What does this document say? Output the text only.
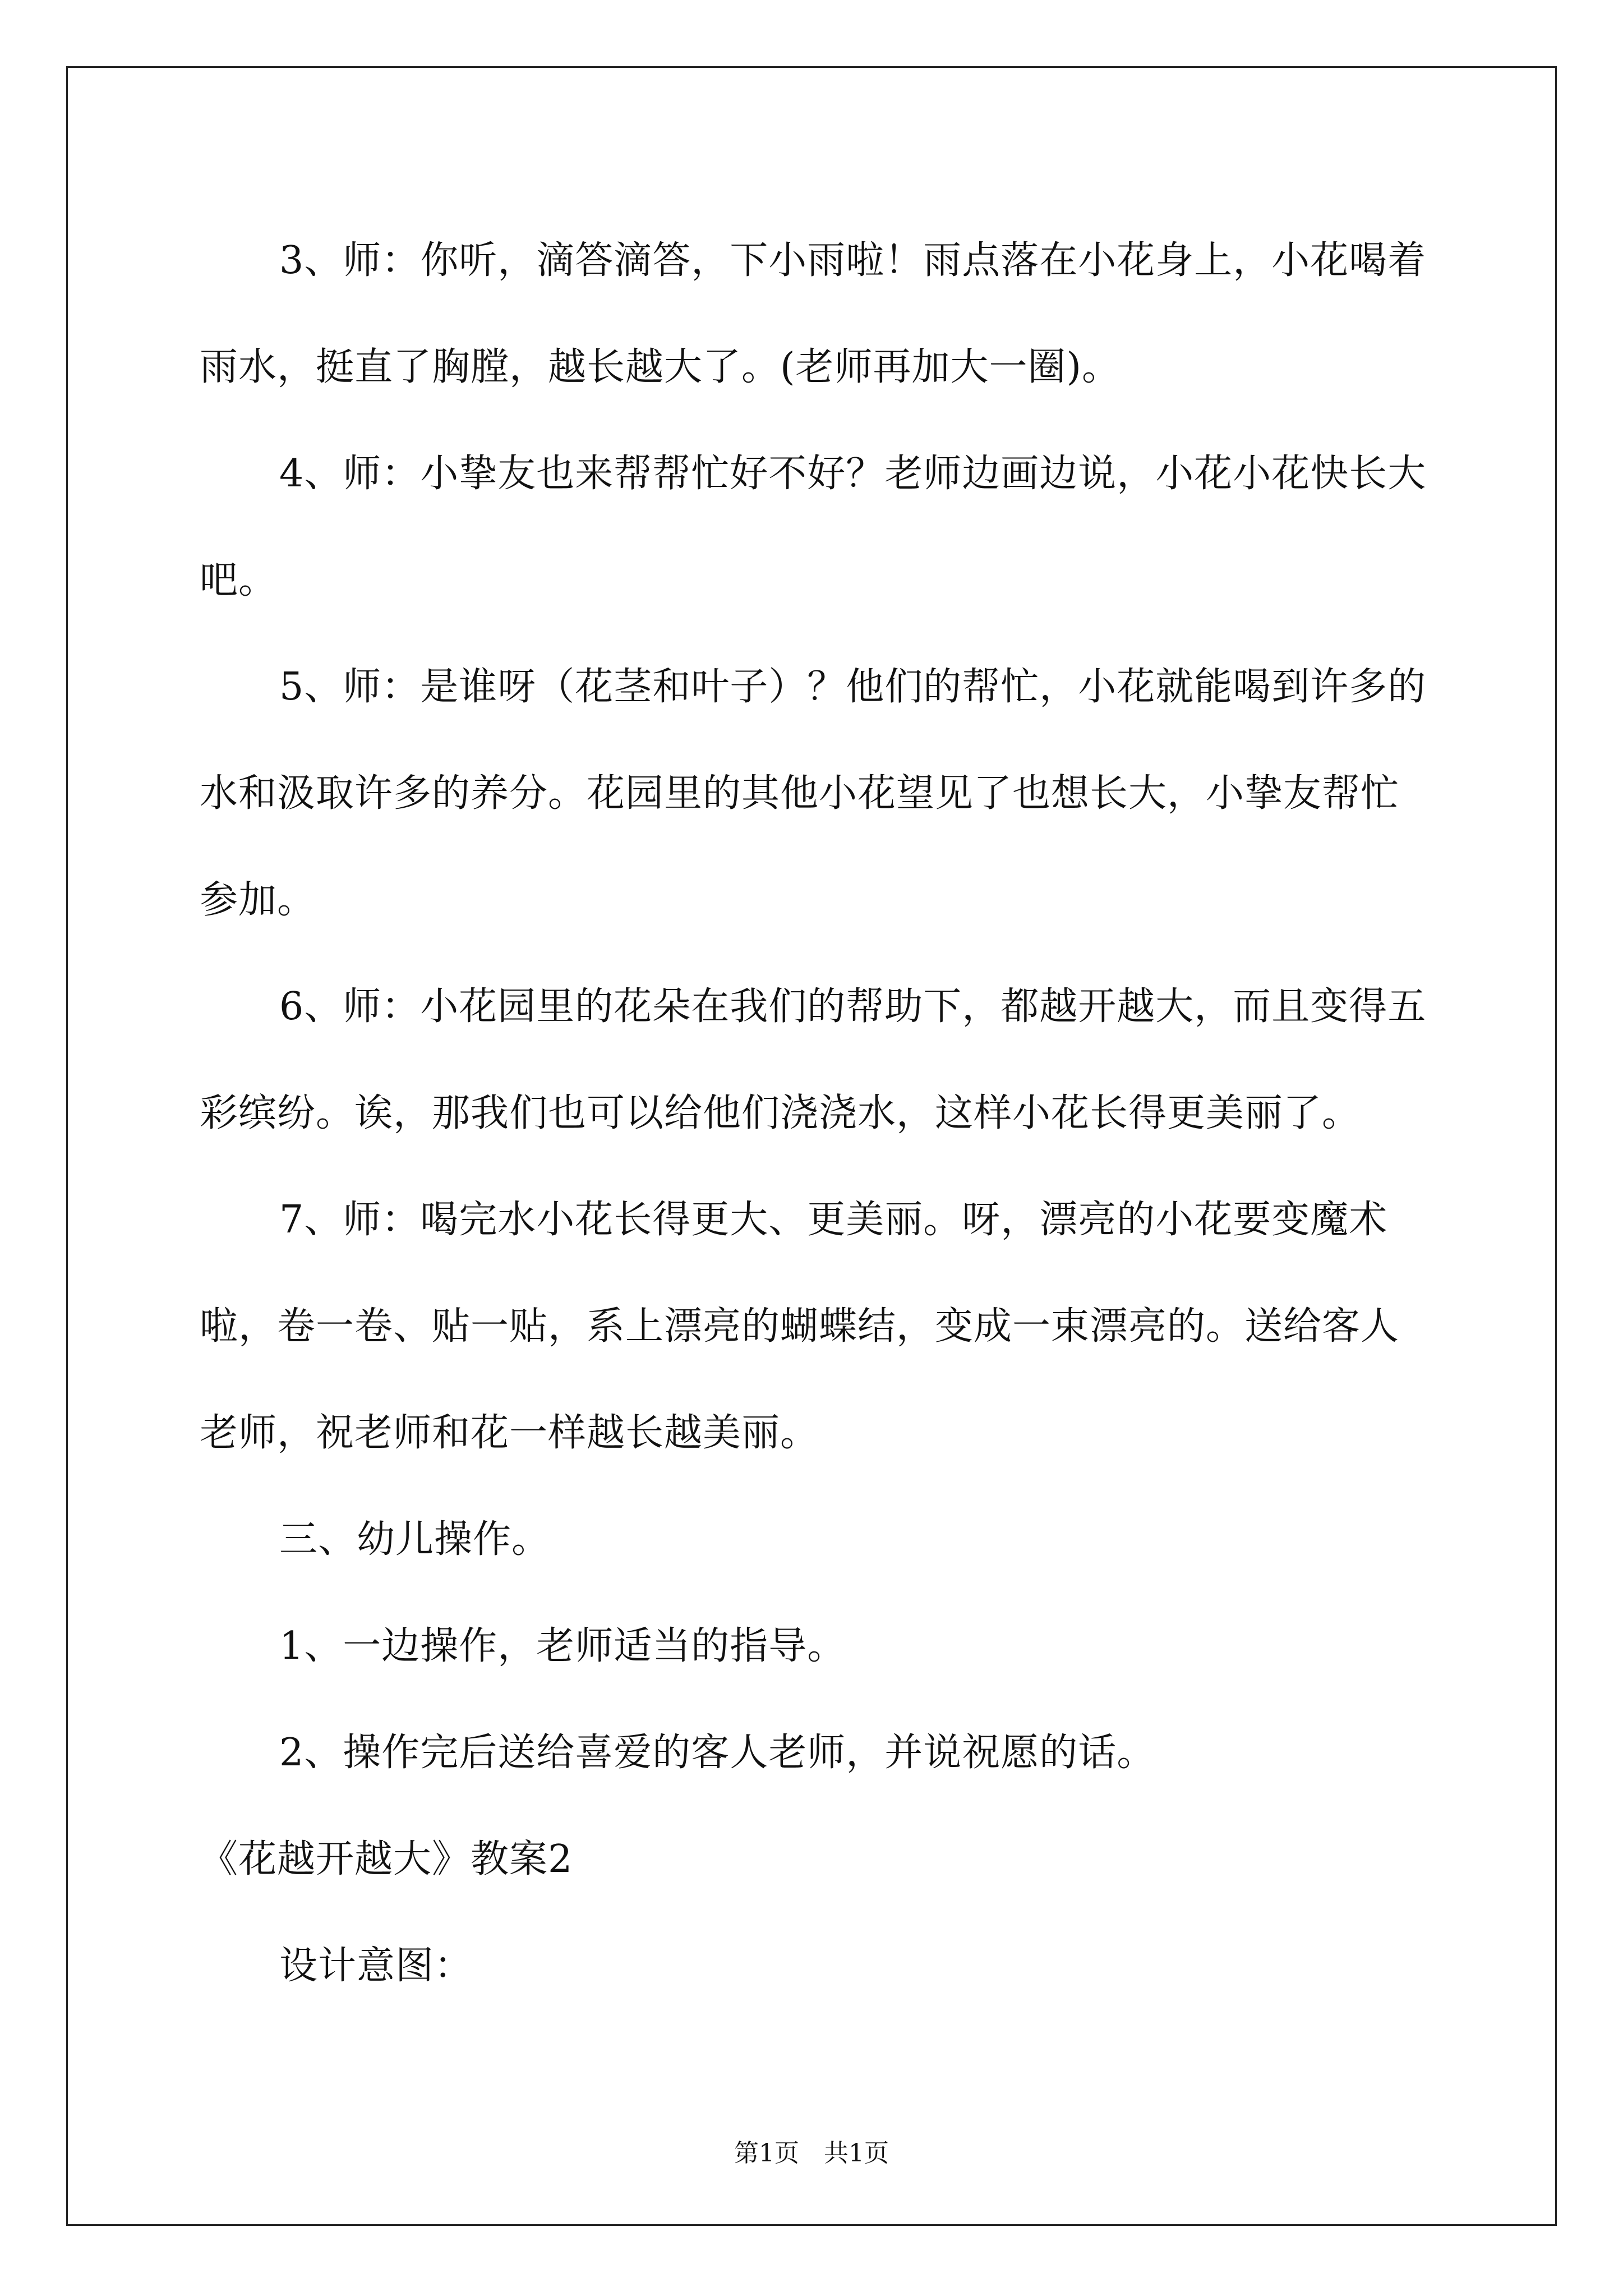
3、师：你听，滴答滴答，下小雨啦！雨点落在小花身上，小花喝着雨水，挺直了胸膛，越长越大了。(老师再加大一圈)。

4、师：小挚友也来帮帮忙好不好？老师边画边说，小花小花快长大吧。

5、师：是谁呀（花茎和叶子）？他们的帮忙，小花就能喝到许多的水和汲取许多的养分。花园里的其他小花望见了也想长大，小挚友帮忙参加。

6、师：小花园里的花朵在我们的帮助下，都越开越大，而且变得五彩缤纷。诶，那我们也可以给他们浇浇水，这样小花长得更美丽了。

7、师：喝完水小花长得更大、更美丽。呀，漂亮的小花要变魔术啦，卷一卷、贴一贴，系上漂亮的蝴蝶结，变成一束漂亮的。送给客人老师，祝老师和花一样越长越美丽。

三、幼儿操作。

1、一边操作，老师适当的指导。

2、操作完后送给喜爱的客人老师，并说祝愿的话。

《花越开越大》教案2

设计意图：

第1页　共1页
